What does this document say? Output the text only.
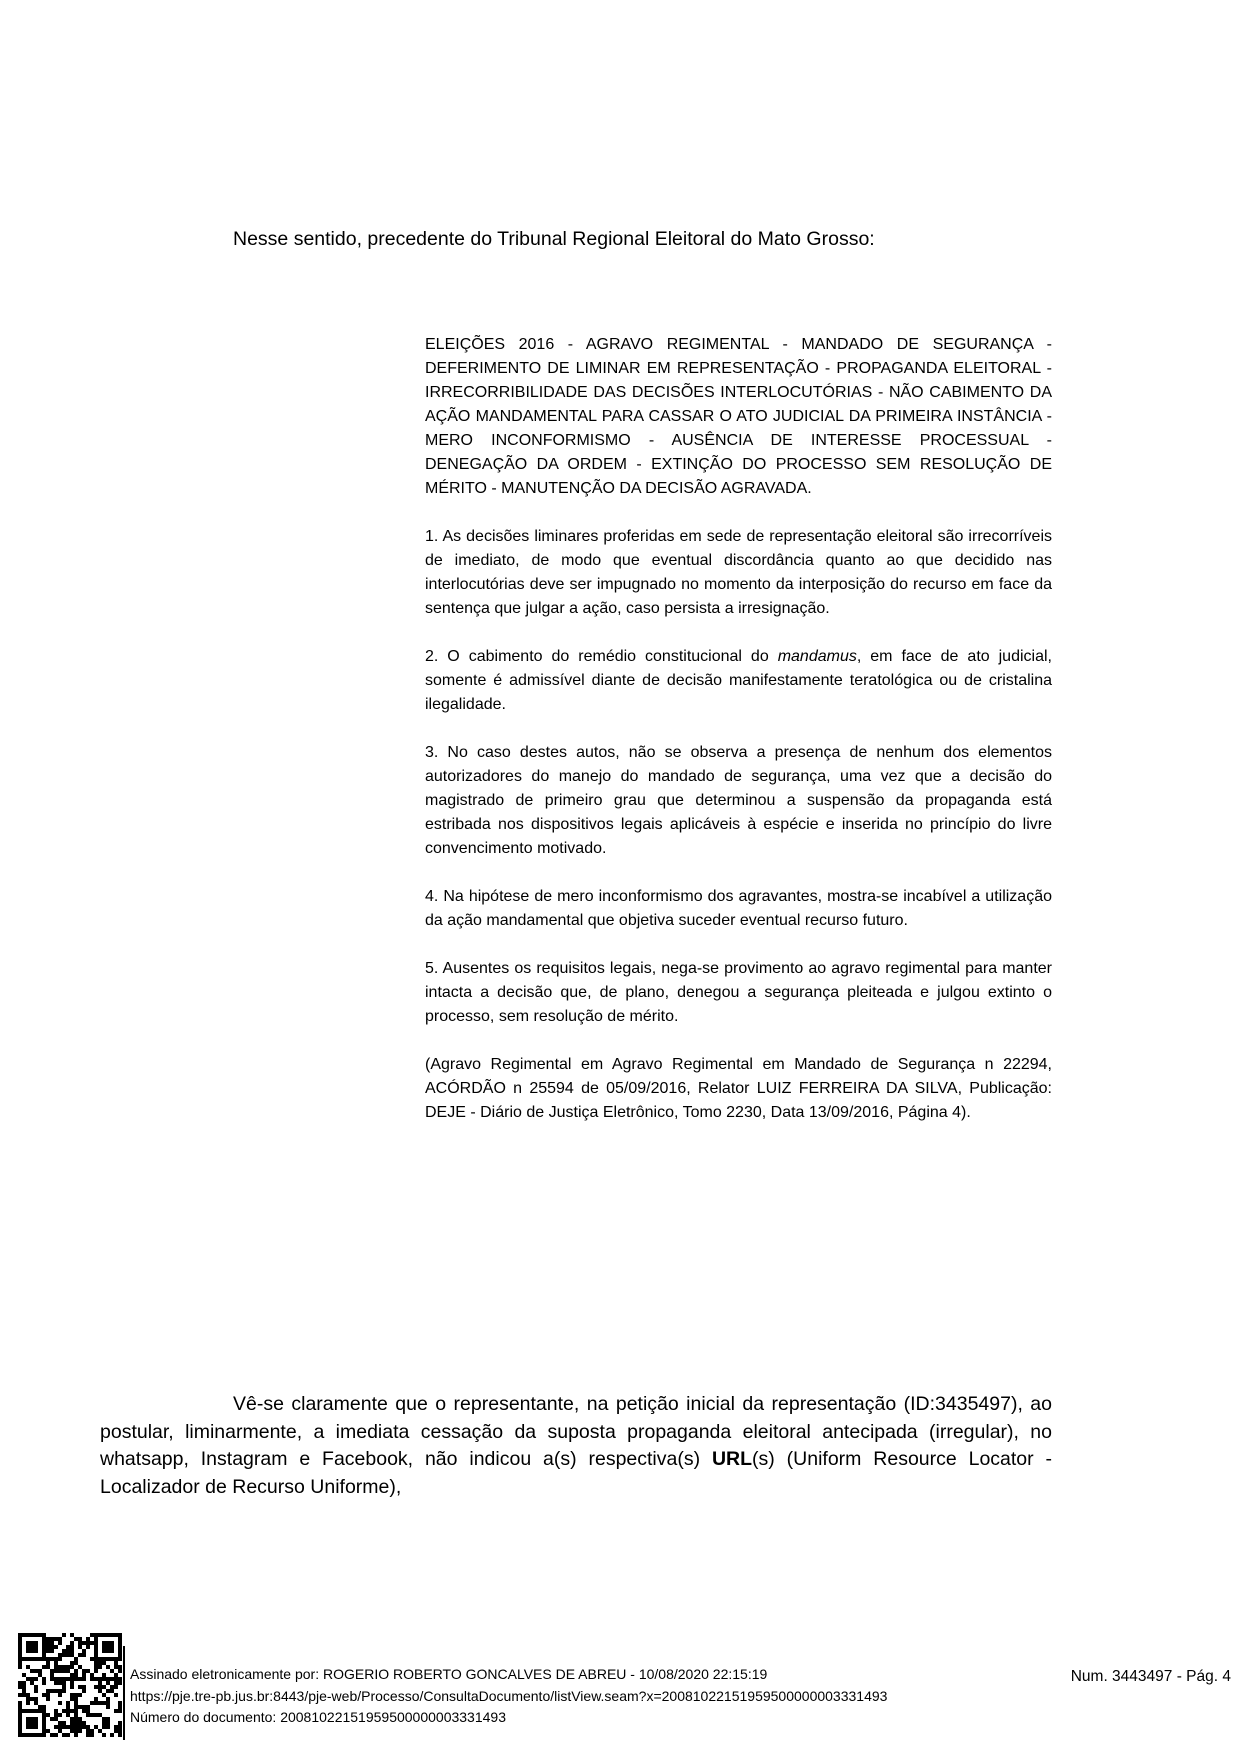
Nesse sentido, precedente do Tribunal Regional Eleitoral do Mato Grosso:

ELEIÇÕES 2016 - AGRAVO REGIMENTAL - MANDADO DE SEGURANÇA - DEFERIMENTO DE LIMINAR EM REPRESENTAÇÃO - PROPAGANDA ELEITORAL - IRRECORRIBILIDADE DAS DECISÕES INTERLOCUTÓRIAS - NÃO CABIMENTO DA AÇÃO MANDAMENTAL PARA CASSAR O ATO JUDICIAL DA PRIMEIRA INSTÂNCIA - MERO INCONFORMISMO - AUSÊNCIA DE INTERESSE PROCESSUAL - DENEGAÇÃO DA ORDEM - EXTINÇÃO DO PROCESSO SEM RESOLUÇÃO DE MÉRITO - MANUTENÇÃO DA DECISÃO AGRAVADA.

1. As decisões liminares proferidas em sede de representação eleitoral são irrecorríveis de imediato, de modo que eventual discordância quanto ao que decidido nas interlocutórias deve ser impugnado no momento da interposição do recurso em face da sentença que julgar a ação, caso persista a irresignação.

2. O cabimento do remédio constitucional do mandamus, em face de ato judicial, somente é admissível diante de decisão manifestamente teratológica ou de cristalina ilegalidade.

3. No caso destes autos, não se observa a presença de nenhum dos elementos autorizadores do manejo do mandado de segurança, uma vez que a decisão do magistrado de primeiro grau que determinou a suspensão da propaganda está estribada nos dispositivos legais aplicáveis à espécie e inserida no princípio do livre convencimento motivado.

4. Na hipótese de mero inconformismo dos agravantes, mostra-se incabível a utilização da ação mandamental que objetiva suceder eventual recurso futuro.

5. Ausentes os requisitos legais, nega-se provimento ao agravo regimental para manter intacta a decisão que, de plano, denegou a segurança pleiteada e julgou extinto o processo, sem resolução de mérito.

(Agravo Regimental em Agravo Regimental em Mandado de Segurança n 22294, ACÓRDÃO n 25594 de 05/09/2016, Relator LUIZ FERREIRA DA SILVA, Publicação: DEJE - Diário de Justiça Eletrônico, Tomo 2230, Data 13/09/2016, Página 4).

Vê-se claramente que o representante, na petição inicial da representação (ID:3435497), ao postular, liminarmente, a imediata cessação da suposta propaganda eleitoral antecipada (irregular), no whatsapp, Instagram e Facebook, não indicou a(s) respectiva(s) URL(s) (Uniform Resource Locator - Localizador de Recurso Uniforme),
Assinado eletronicamente por: ROGERIO ROBERTO GONCALVES DE ABREU - 10/08/2020 22:15:19
https://pje.tre-pb.jus.br:8443/pje-web/Processo/ConsultaDocumento/listView.seam?x=20081022151959500000003331493
Número do documento: 20081022151959500000003331493
Num. 3443497 - Pág. 4
